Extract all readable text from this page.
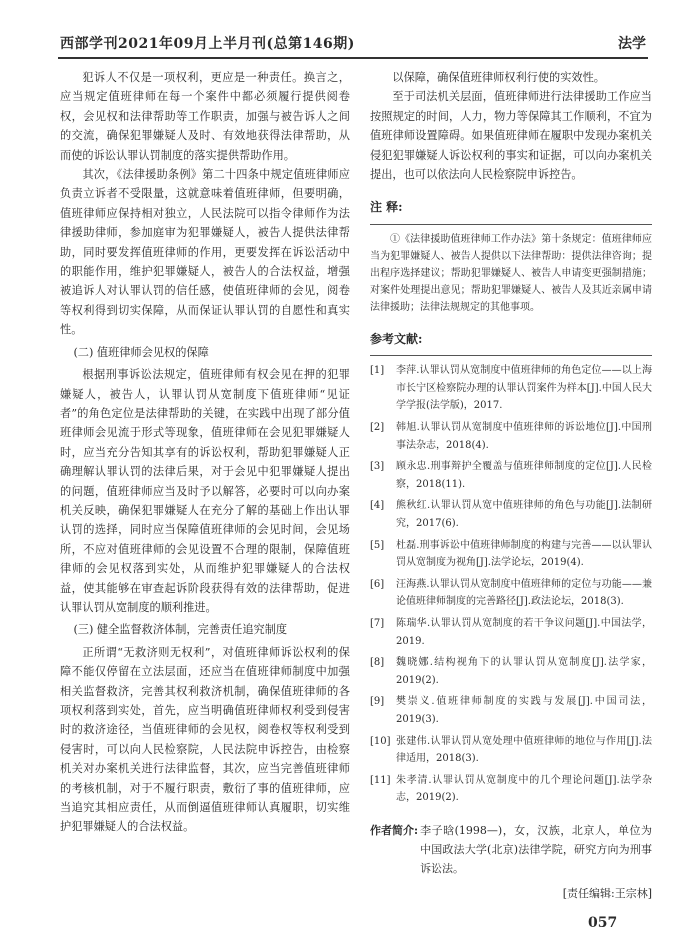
西部学刊2021年09月上半月刊(总第146期)	法学

犯诉人不仅是一项权利，更应是一种责任。换言之，应当规定值班律师在每一个案件中都必须履行提供阅卷权，会见权和法律帮助等工作职责，加强与被告诉人之间的交流，确保犯罪嫌疑人及时、有效地获得法律帮助，从而使的诉讼认罪认罚制度的落实提供帮助作用。

其次，《法律援助条例》第二十四条中规定值班律师应负责立诉者不受限量，这就意味着值班律师，但要明确，值班律师应保持相对独立，人民法院可以指令律师作为法律援助律师，参加庭审为犯罪嫌疑人，被告人提供法律帮助，同时要发挥值班律师的作用，更要发挥在诉讼活动中的职能作用，维护犯罪嫌疑人，被告人的合法权益，增强被追诉人对认罪认罚的信任感，使值班律师的会见，阅卷等权利得到切实保障，从而保证认罪认罚的自愿性和真实性。

(二) 值班律师会见权的保障

根据刑事诉讼法规定，值班律师有权会见在押的犯罪嫌疑人，被告人，认罪认罚从宽制度下值班律师“见证者”的角色定位是法律帮助的关键，在实践中出现了部分值班律师会见流于形式等现象，值班律师在会见犯罪嫌疑人时，应当充分告知其享有的诉讼权利，帮助犯罪嫌疑人正确理解认罪认罚的法律后果，对于会见中犯罪嫌疑人提出的问题，值班律师应当及时予以解答，必要时可以向办案机关反映，确保犯罪嫌疑人在充分了解的基础上作出认罪认罚的选择，同时应当保障值班律师的会见时间，会见场所，不应对值班律师的会见设置不合理的限制，保障值班律师的会见权落到实处，从而维护犯罪嫌疑人的合法权益，使其能够在审查起诉阶段获得有效的法律帮助，促进认罪认罚从宽制度的顺利推进。

(三) 健全监督救济体制，完善责任追究制度

正所谓“无救济则无权利”，对值班律师诉讼权利的保障不能仅停留在立法层面，还应当在值班律师制度中加强相关监督救济，完善其权利救济机制，确保值班律师的各项权利落到实处，首先，应当明确值班律师权利受到侵害时的救济途径，当值班律师的会见权，阅卷权等权利受到侵害时，可以向人民检察院，人民法院申诉控告，由检察机关对办案机关进行法律监督，其次，应当完善值班律师的考核机制，对于不履行职责，敷衍了事的值班律师，应当追究其相应责任，从而倒逼值班律师认真履职，切实维护犯罪嫌疑人的合法权益。

以保障，确保值班律师权利行使的实效性。

至于司法机关层面，值班律师进行法律援助工作应当按照规定的时间，人力，物力等保障其工作顺利，不宜为值班律师设置障碍。如果值班律师在履职中发现办案机关侵犯犯罪嫌疑人诉讼权利的事实和证据，可以向办案机关提出，也可以依法向人民检察院申诉控告。

注 释:

①《法律援助值班律师工作办法》第十条规定：值班律师应当为犯罪嫌疑人、被告人提供以下法律帮助：提供法律咨询；提出程序选择建议；帮助犯罪嫌疑人、被告人申请变更强制措施；对案件处理提出意见；帮助犯罪嫌疑人、被告人及其近亲属申请法律援助；法律法规规定的其他事项。

参考文献:
[1]	李萍.认罪认罚从宽制度中值班律师的角色定位——以上海市长宁区检察院办理的认罪认罚案件为样本[J].中国人民大学学报(法学版)，2017.
[2]	韩旭.认罪认罚从宽制度中值班律师的诉讼地位[J].中国刑事法杂志，2018(4).
[3]	顾永忠.刑事辩护全覆盖与值班律师制度的定位[J].人民检察，2018(11).
[4]	熊秋红.认罪认罚从宽中值班律师的角色与功能[J].法制研究，2017(6).
[5]	杜磊.刑事诉讼中值班律师制度的构建与完善——以认罪认罚从宽制度为视角[J].法学论坛，2019(4).
[6]	汪海燕.认罪认罚从宽制度中值班律师的定位与功能——兼论值班律师制度的完善路径[J].政法论坛，2018(3).
[7]	陈瑞华.认罪认罚从宽制度的若干争议问题[J].中国法学，2019.
[8]	魏晓娜.结构视角下的认罪认罚从宽制度[J].法学家，2019(2).
[9]	樊崇义.值班律师制度的实践与发展[J].中国司法，2019(3).
[10] 张建伟.认罪认罚从宽处理中值班律师的地位与作用[J].法律适用，2018(3).
[11] 朱孝清.认罪认罚从宽制度中的几个理论问题[J].法学杂志，2019(2).
作者简介: 李子晗(1998—)，女，汉族，北京人，单位为中国政法大学(北京)法律学院，研究方向为刑事诉讼法。
[责任编辑:王宗林]
057
